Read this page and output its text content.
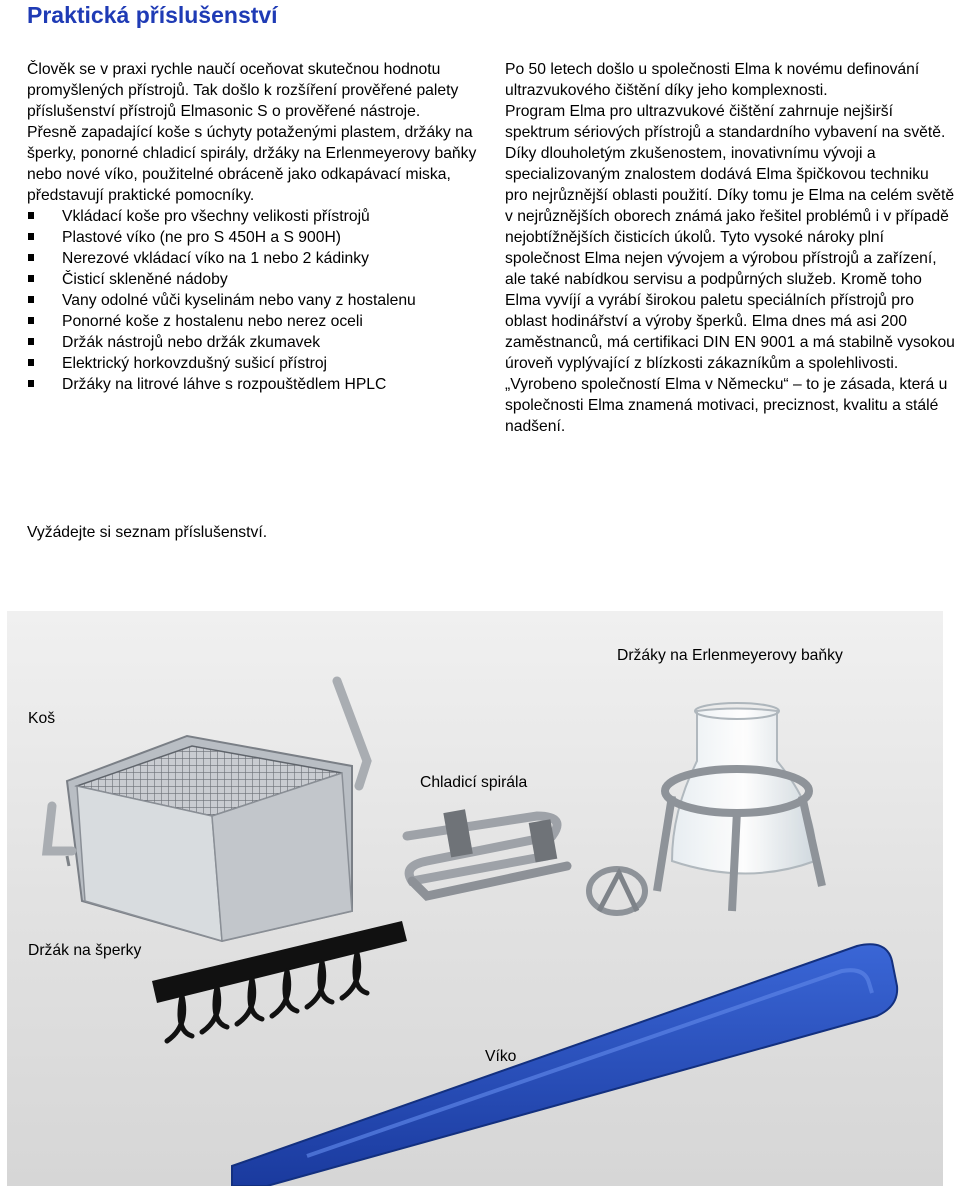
Praktická příslušenství

Člověk se v praxi rychle naučí oceňovat skutečnou hodnotu promyšlených přístrojů. Tak došlo k rozšíření prověřené palety příslušenství přístrojů Elmasonic S o prověřené nástroje.

Přesně zapadající koše s úchyty potaženými plastem, držáky na šperky, ponorné chladicí spirály, držáky na Erlenmeyerovy baňky nebo nové víko, použitelné obráceně jako odkapávací miska, představují praktické pomocníky.

Vkládací koše pro všechny velikosti přístrojů
Plastové víko (ne pro S 450H a S 900H)
Nerezové vkládací víko na 1 nebo 2 kádinky
Čisticí skleněné nádoby
Vany odolné vůči kyselinám nebo vany z hostalenu
Ponorné koše z hostalenu nebo nerez oceli
Držák nástrojů nebo držák zkumavek
Elektrický horkovzdušný sušicí přístroj
Držáky na litrové láhve s rozpouštědlem HPLC

Po 50 letech došlo u společnosti Elma k novému definování ultrazvukového čištění díky jeho komplexnosti.

Program Elma pro ultrazvukové čištění zahrnuje nejširší spektrum sériových přístrojů a standardního vybavení na světě. Díky dlouholetým zkušenostem, inovativnímu vývoji a specializovaným znalostem dodává Elma špičkovou techniku pro nejrůznější oblasti použití. Díky tomu je Elma na celém světě v nejrůznějších oborech známá jako řešitel problémů i v případě nejobtížnějších čisticích úkolů. Tyto vysoké nároky plní společnost Elma nejen vývojem a výrobou přístrojů a zařízení, ale také nabídkou servisu a podpůrných služeb. Kromě toho Elma vyvíjí a vyrábí širokou paletu speciálních přístrojů pro oblast hodinářství a výroby šperků. Elma dnes má asi 200 zaměstnanců, má certifikaci DIN EN 9001 a má stabilně vysokou úroveň vyplývající z blízkosti zákazníkům a spolehlivosti.

„Vyrobeno společností Elma v Německu“ – to je zásada, která u společnosti Elma znamená motivaci, preciznost, kvalitu a stálé nadšení.

Vyžádejte si seznam příslušenství.
Držáky na Erlenmeyerovy baňky
Koš
Chladicí spirála
Držák na šperky
Víko
